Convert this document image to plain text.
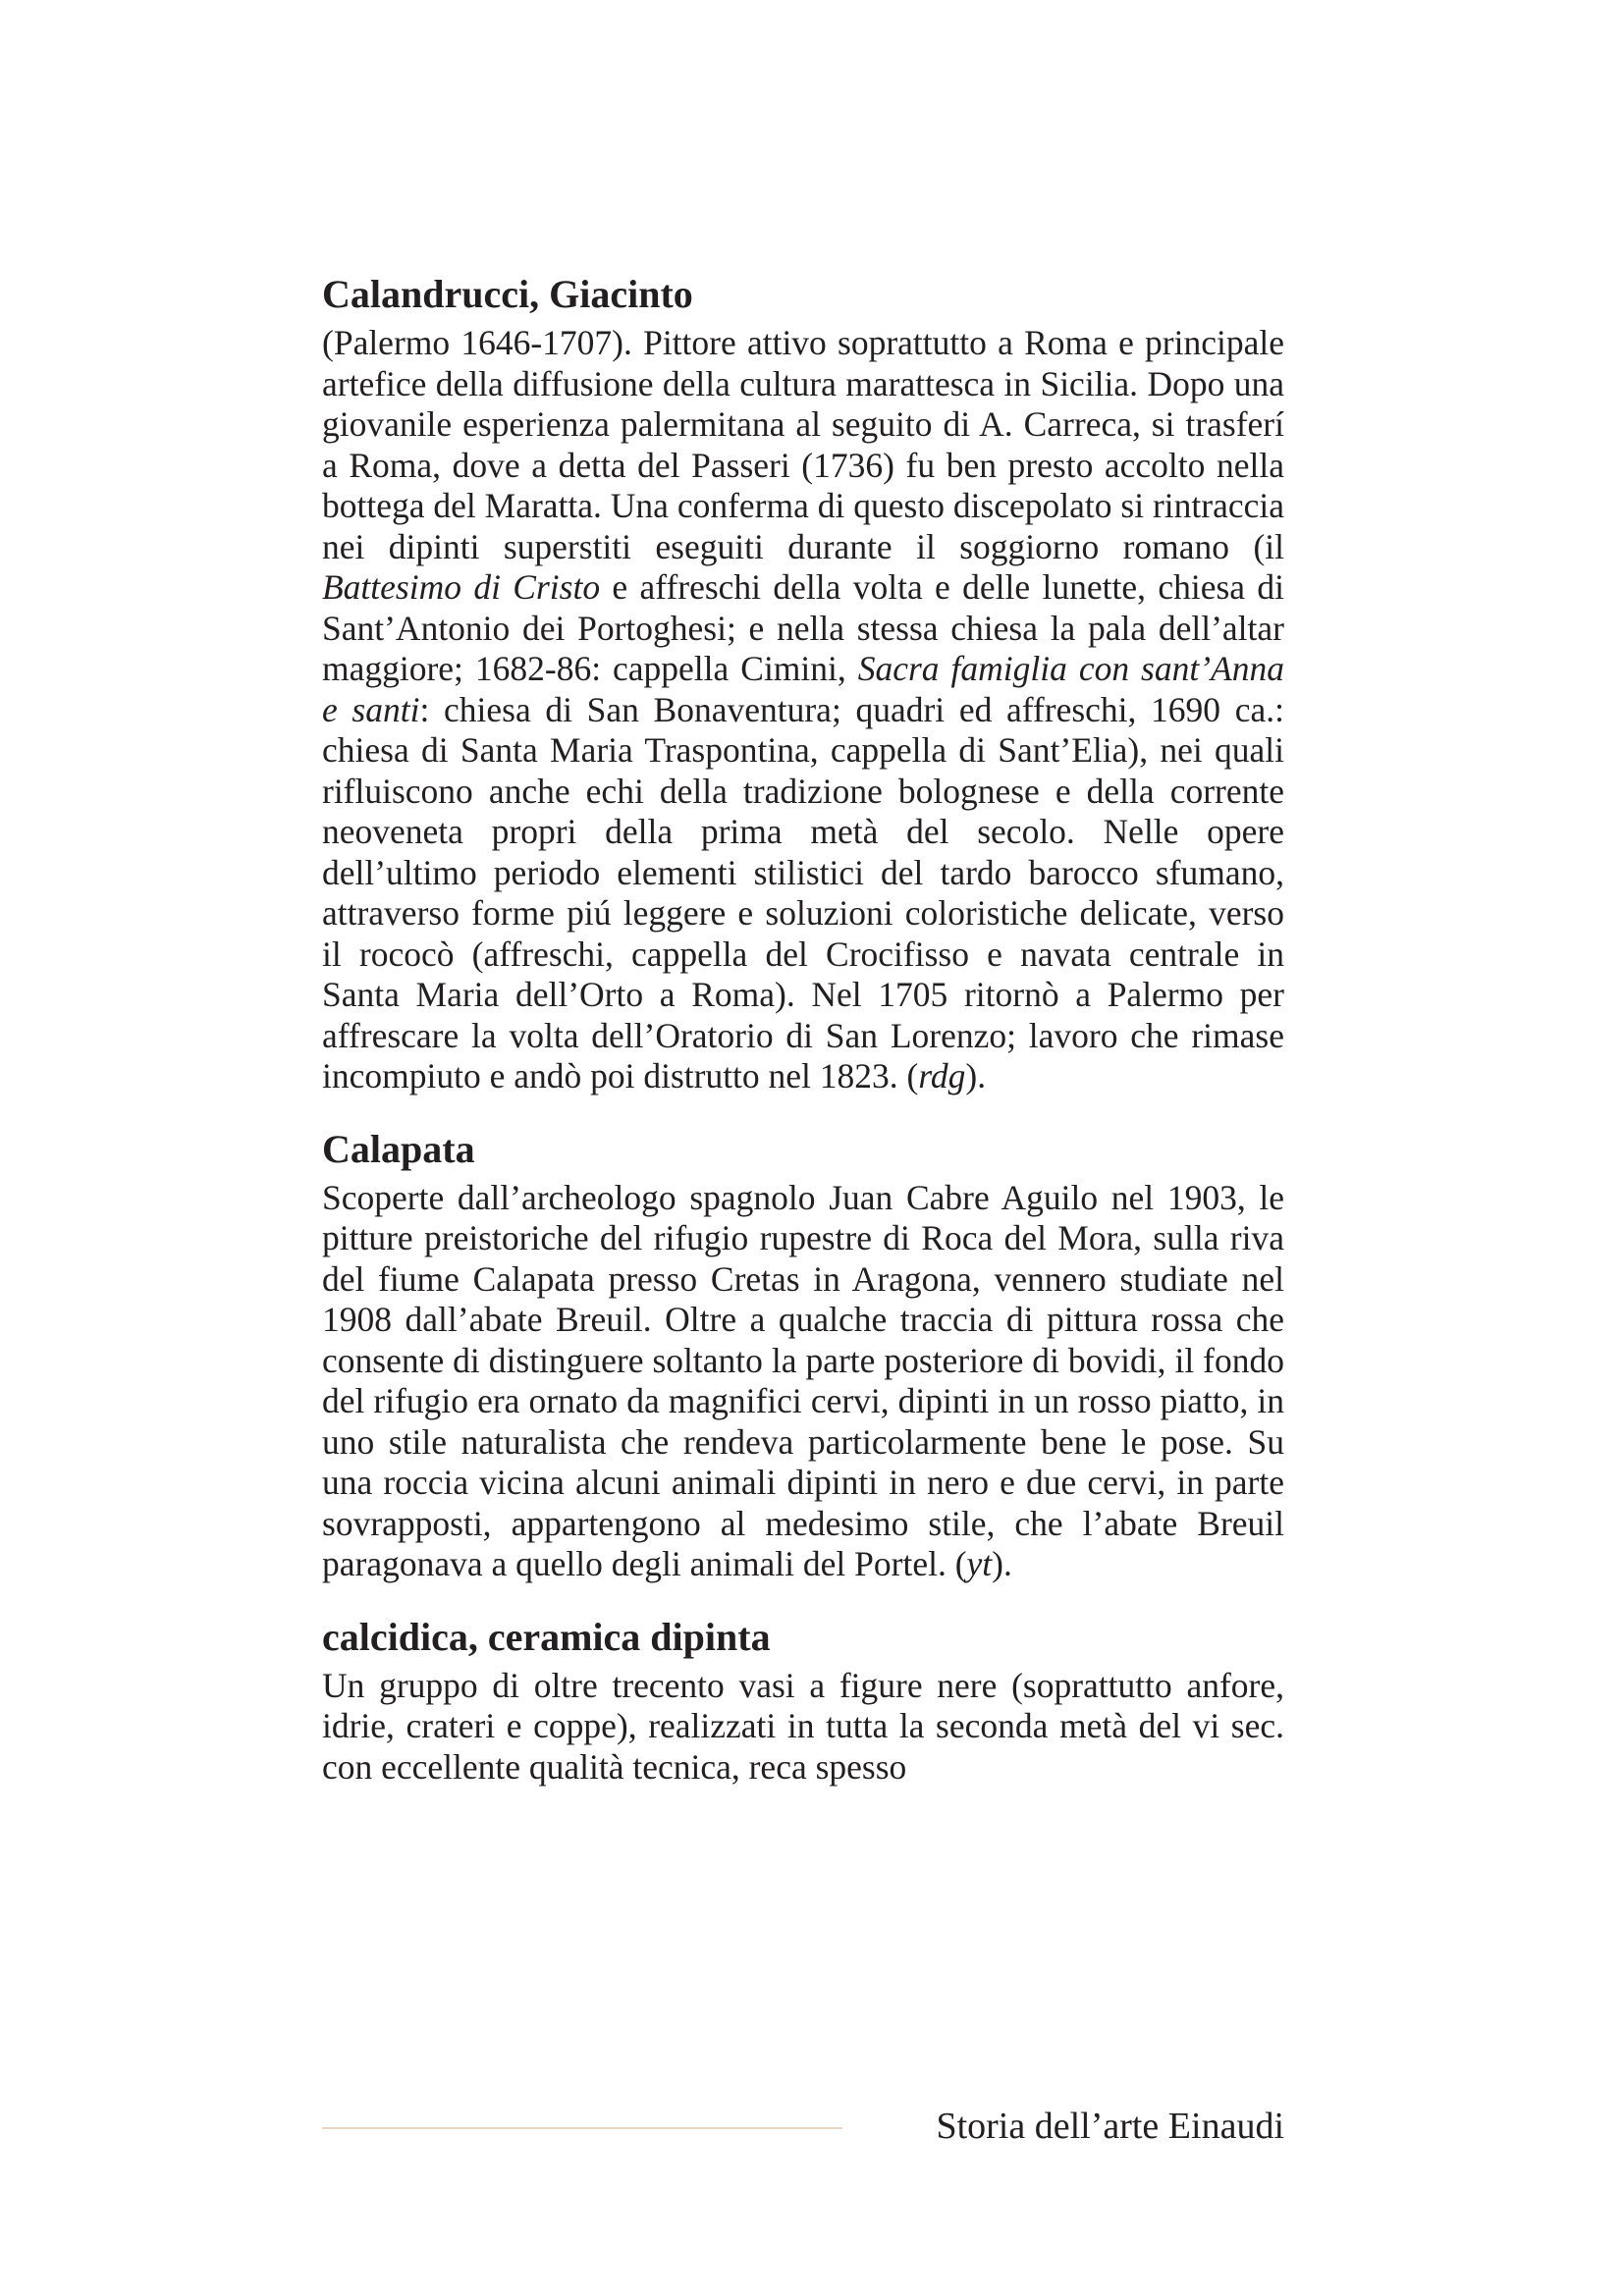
Calandrucci, Giacinto

(Palermo 1646-1707). Pittore attivo soprattutto a Roma e principale artefice della diffusione della cultura marattesca in Sicilia. Dopo una giovanile esperienza palermitana al seguito di A. Carreca, si trasferí a Roma, dove a detta del Passeri (1736) fu ben presto accolto nella bottega del Maratta. Una conferma di questo discepolato si rintraccia nei dipinti superstiti eseguiti durante il soggiorno romano (il Battesimo di Cristo e affreschi della volta e delle lunette, chiesa di Sant’Antonio dei Portoghesi; e nella stessa chiesa la pala dell’altar maggiore; 1682-86: cappella Cimini, Sacra famiglia con sant’Anna e santi: chiesa di San Bonaventura; quadri ed affreschi, 1690 ca.: chiesa di Santa Maria Traspontina, cappella di Sant’Elia), nei quali rifluiscono anche echi della tradizione bolognese e della corrente neoveneta propri della prima metà del secolo. Nelle opere dell’ultimo periodo elementi stilistici del tardo barocco sfumano, attraverso forme piú leggere e soluzioni coloristiche delicate, verso il rococò (affreschi, cappella del Crocifisso e navata centrale in Santa Maria dell’Orto a Roma). Nel 1705 ritornò a Palermo per affrescare la volta dell’Oratorio di San Lorenzo; lavoro che rimase incompiuto e andò poi distrutto nel 1823. (rdg).

Calapata

Scoperte dall’archeologo spagnolo Juan Cabre Aguilo nel 1903, le pitture preistoriche del rifugio rupestre di Roca del Mora, sulla riva del fiume Calapata presso Cretas in Aragona, vennero studiate nel 1908 dall’abate Breuil. Oltre a qualche traccia di pittura rossa che consente di distinguere soltanto la parte posteriore di bovidi, il fondo del rifugio era ornato da magnifici cervi, dipinti in un rosso piatto, in uno stile naturalista che rendeva particolarmente bene le pose. Su una roccia vicina alcuni animali dipinti in nero e due cervi, in parte sovrapposti, appartengono al medesimo stile, che l’abate Breuil paragonava a quello degli animali del Portel. (yt).

calcidica, ceramica dipinta

Un gruppo di oltre trecento vasi a figure nere (soprattutto anfore, idrie, crateri e coppe), realizzati in tutta la seconda metà del vi sec. con eccellente qualità tecnica, reca spesso

Storia dell’arte Einaudi
